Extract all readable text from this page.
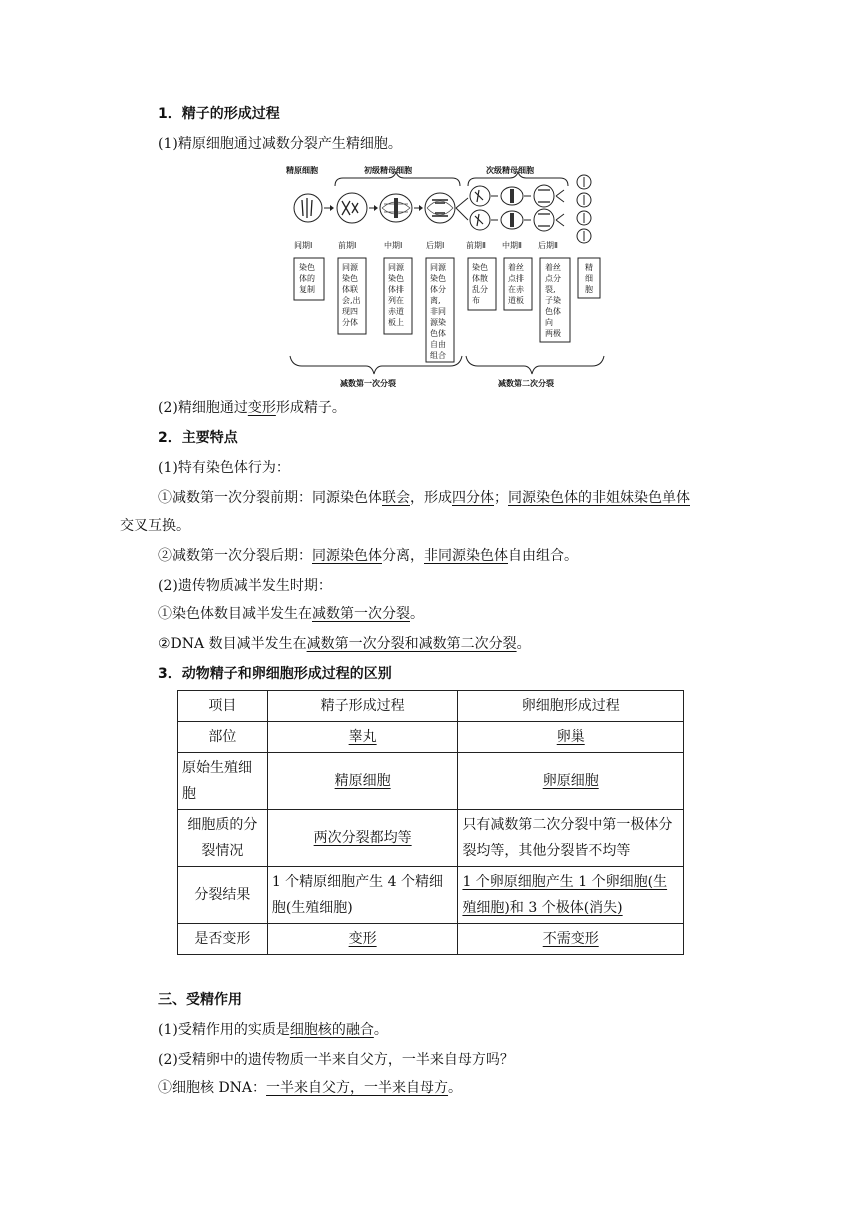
1．精子的形成过程
(1)精原细胞通过减数分裂产生精细胞。
精原细胞	初级精母细胞	次级精母细胞
间期Ⅰ	前期Ⅰ	中期Ⅰ	后期Ⅰ	前期Ⅱ 中期Ⅱ 后期Ⅱ
染色
体的
复制
同源
染色
体联
会,出
现四
分体
同源
染色
体排
列在
赤道
板上
同源
染色
体分
离,
非同
源染
色体
自由
组合
染色
体散
乱分
布
着丝
点排
在赤
道板
着丝
点分
裂,
子染
色体
向
两极
精
细
胞
减数第一次分裂	减数第二次分裂
(2)精细胞通过变形形成精子。
2．主要特点
(1)特有染色体行为：
①减数第一次分裂前期：同源染色体联会，形成四分体；同源染色体的非姐妹染色单体
交叉互换。
②减数第一次分裂后期：同源染色体分离，非同源染色体自由组合。
(2)遗传物质减半发生时期：
①染色体数目减半发生在减数第一次分裂。
②DNA 数目减半发生在减数第一次分裂和减数第二次分裂。
3．动物精子和卵细胞形成过程的区别
项目	精子形成过程	卵细胞形成过程
部位	睾丸	卵巢
原始生殖细胞	精原细胞	卵原细胞
细胞质的分裂情况	两次分裂都均等	只有减数第二次分裂中第一极体分裂均等，其他分裂皆不均等
分裂结果	1 个精原细胞产生 4 个精细胞(生殖细胞)	1 个卵原细胞产生 1 个卵细胞(生殖细胞)和 3 个极体(消失)
是否变形	变形	不需变形
三、受精作用
(1)受精作用的实质是细胞核的融合。
(2)受精卵中的遗传物质一半来自父方，一半来自母方吗？
①细胞核 DNA：一半来自父方，一半来自母方。
